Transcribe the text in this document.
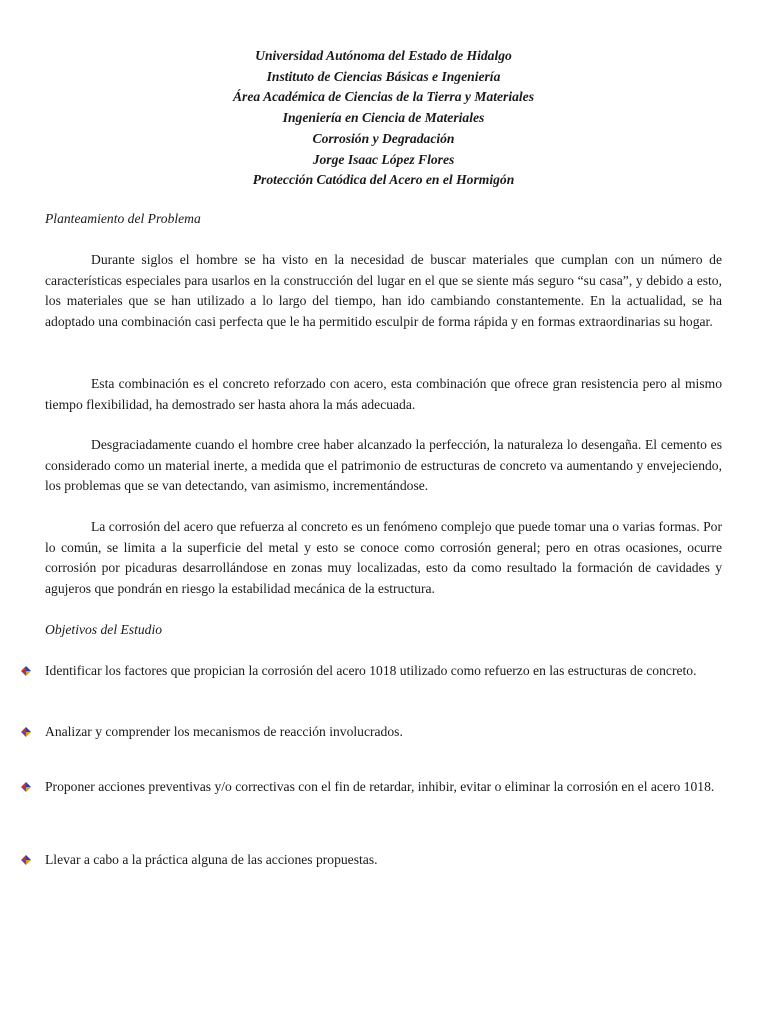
Universidad Autónoma del Estado de Hidalgo
Instituto de Ciencias Básicas e Ingeniería
Área Académica de Ciencias de la Tierra y Materiales
Ingeniería en Ciencia de Materiales
Corrosión y Degradación
Jorge Isaac López Flores
Protección Catódica del Acero en el Hormigón
Planteamiento del Problema

Durante siglos el hombre se ha visto en la necesidad de buscar materiales que cumplan con un número de características especiales para usarlos en la construcción del lugar en el que se siente más seguro “su casa”, y debido a esto, los materiales que se han utilizado a lo largo del tiempo, han ido cambiando constantemente. En la actualidad, se ha adoptado una combinación casi perfecta que le ha permitido esculpir de forma rápida y en formas extraordinarias su hogar.

Esta combinación es el concreto reforzado con acero, esta combinación que ofrece gran resistencia pero al mismo tiempo flexibilidad, ha demostrado ser hasta ahora la más adecuada.

Desgraciadamente cuando el hombre cree haber alcanzado la perfección, la naturaleza lo desengaña. El cemento es considerado como un material inerte, a medida que el patrimonio de estructuras de concreto va aumentando y envejeciendo, los problemas que se van detectando, van asimismo, incrementándose.

La corrosión del acero que refuerza al concreto es un fenómeno complejo que puede tomar una o varias formas. Por lo común, se limita a la superficie del metal y esto se conoce como corrosión general; pero en otras ocasiones, ocurre corrosión por picaduras desarrollándose en zonas muy localizadas, esto da como resultado la formación de cavidades y agujeros que pondrán en riesgo la estabilidad mecánica de la estructura.

Objetivos del Estudio
Identificar los factores que propician la corrosión del acero 1018 utilizado como refuerzo en las estructuras de concreto.
Analizar y comprender los mecanismos de reacción involucrados.
Proponer acciones preventivas y/o correctivas con el fin de retardar, inhibir, evitar o eliminar la corrosión en el acero 1018.
Llevar a cabo a la práctica alguna de las acciones propuestas.
